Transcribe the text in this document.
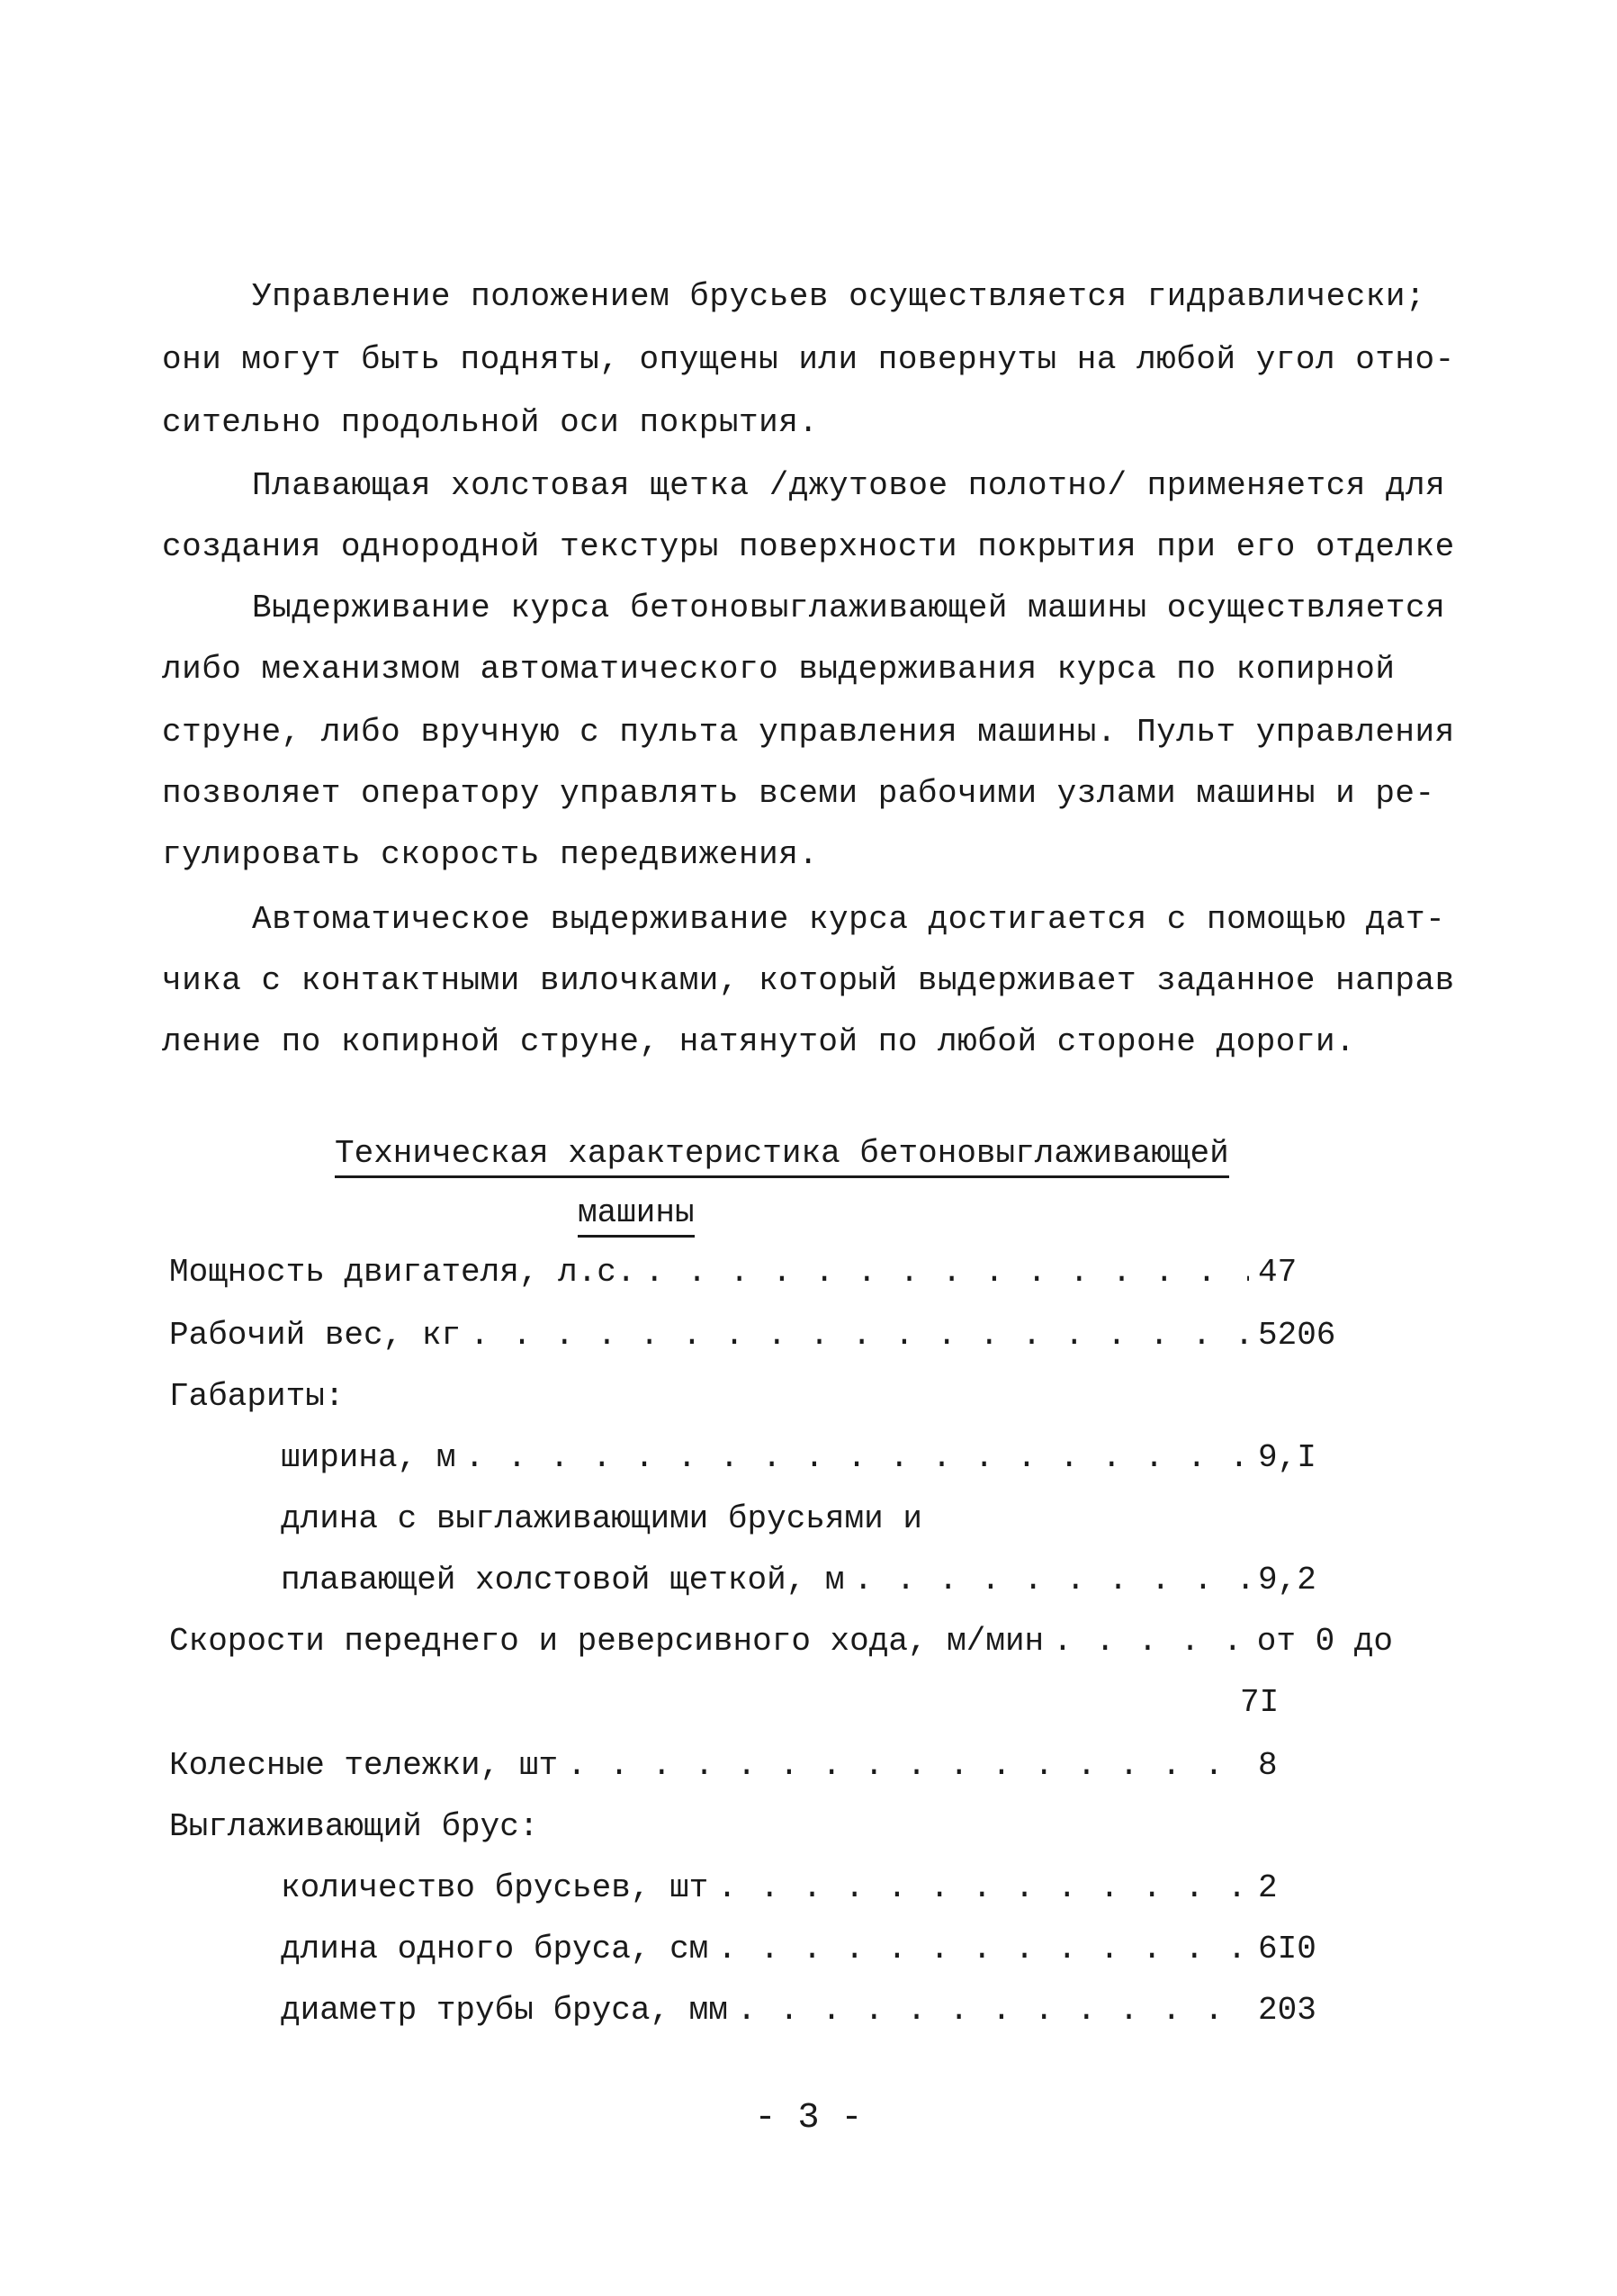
Управление положением брусьев осуществляется гидравлически;
они могут быть подняты, опущены или повернуты на любой угол отно-
сительно продольной оси покрытия.
Плавающая холстовая щетка /джутовое полотно/ применяется для
создания однородной текстуры поверхности покрытия при его отделке
Выдерживание курса бетоновыглаживающей машины осуществляется
либо механизмом автоматического выдерживания курса по копирной
струне, либо вручную с пульта управления машины. Пульт управления
позволяет оператору управлять всеми рабочими узлами машины и ре-
гулировать скорость передвижения.
Автоматическое выдерживание курса достигается с помощью дат-
чика с контактными вилочками, который выдерживает заданное направ
ление по копирной струне, натянутой по любой стороне дороги.
Техническая характеристика бетоновыглаживающей
машины
Мощность двигателя, л.с. . . .	47
Рабочий вес, кг . . .	5206
Габариты:
ширина, м . . .	9,I
длина с выглаживающими брусьями и
плавающей холстовой щеткой, м . . .	9,2
Скорости переднего и реверсивного хода, м/мин . . .	от 0 до
7I
Колесные тележки, шт . . .	8
Выглаживающий брус:
количество брусьев, шт . . .	2
длина одного бруса, см . . .	6I0
диаметр трубы бруса, мм . . .	203
- 3 -
